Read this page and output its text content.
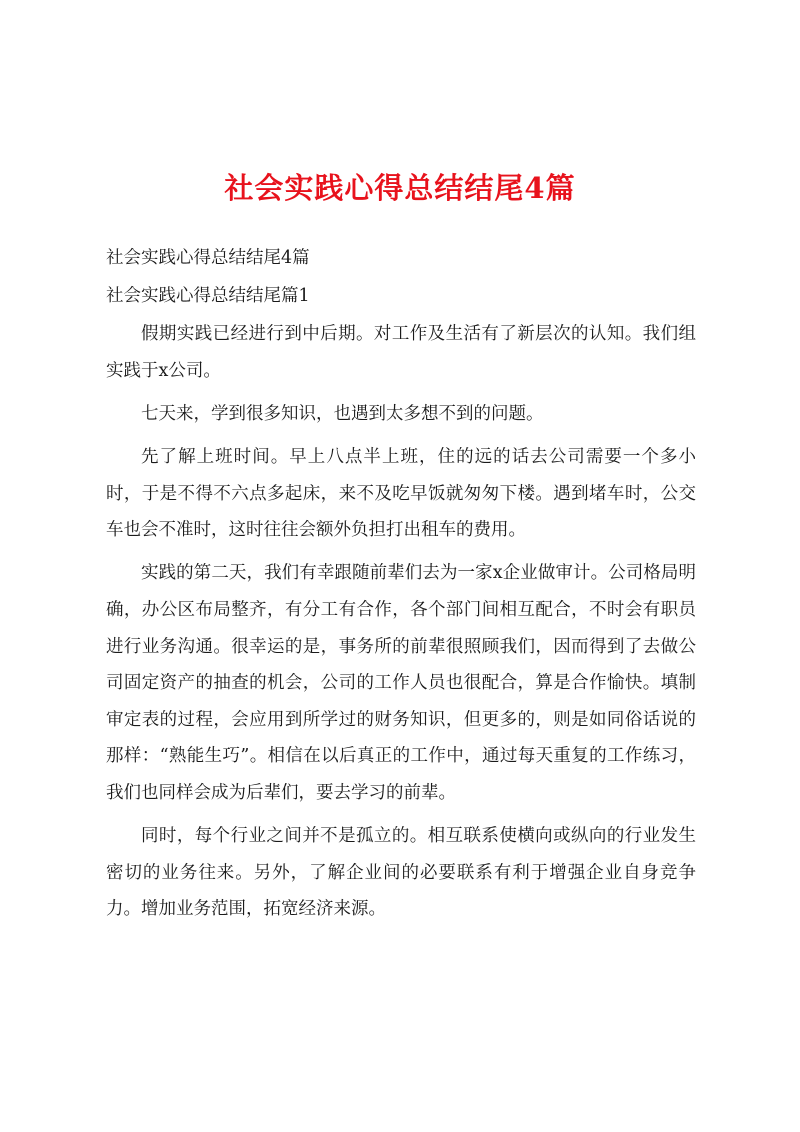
社会实践心得总结结尾4篇

社会实践心得总结结尾4篇

社会实践心得总结结尾篇1

假期实践已经进行到中后期。对工作及生活有了新层次的认知。我们组实践于x公司。

七天来，学到很多知识，也遇到太多想不到的问题。

先了解上班时间。早上八点半上班，住的远的话去公司需要一个多小时，于是不得不六点多起床，来不及吃早饭就匆匆下楼。遇到堵车时，公交车也会不准时，这时往往会额外负担打出租车的费用。

实践的第二天，我们有幸跟随前辈们去为一家x企业做审计。公司格局明确，办公区布局整齐，有分工有合作，各个部门间相互配合，不时会有职员进行业务沟通。很幸运的是，事务所的前辈很照顾我们，因而得到了去做公司固定资产的抽查的机会，公司的工作人员也很配合，算是合作愉快。填制审定表的过程，会应用到所学过的财务知识，但更多的，则是如同俗话说的那样：“熟能生巧”。相信在以后真正的工作中，通过每天重复的工作练习，我们也同样会成为后辈们，要去学习的前辈。

同时，每个行业之间并不是孤立的。相互联系使横向或纵向的行业发生密切的业务往来。另外，了解企业间的必要联系有利于增强企业自身竞争力。增加业务范围，拓宽经济来源。
